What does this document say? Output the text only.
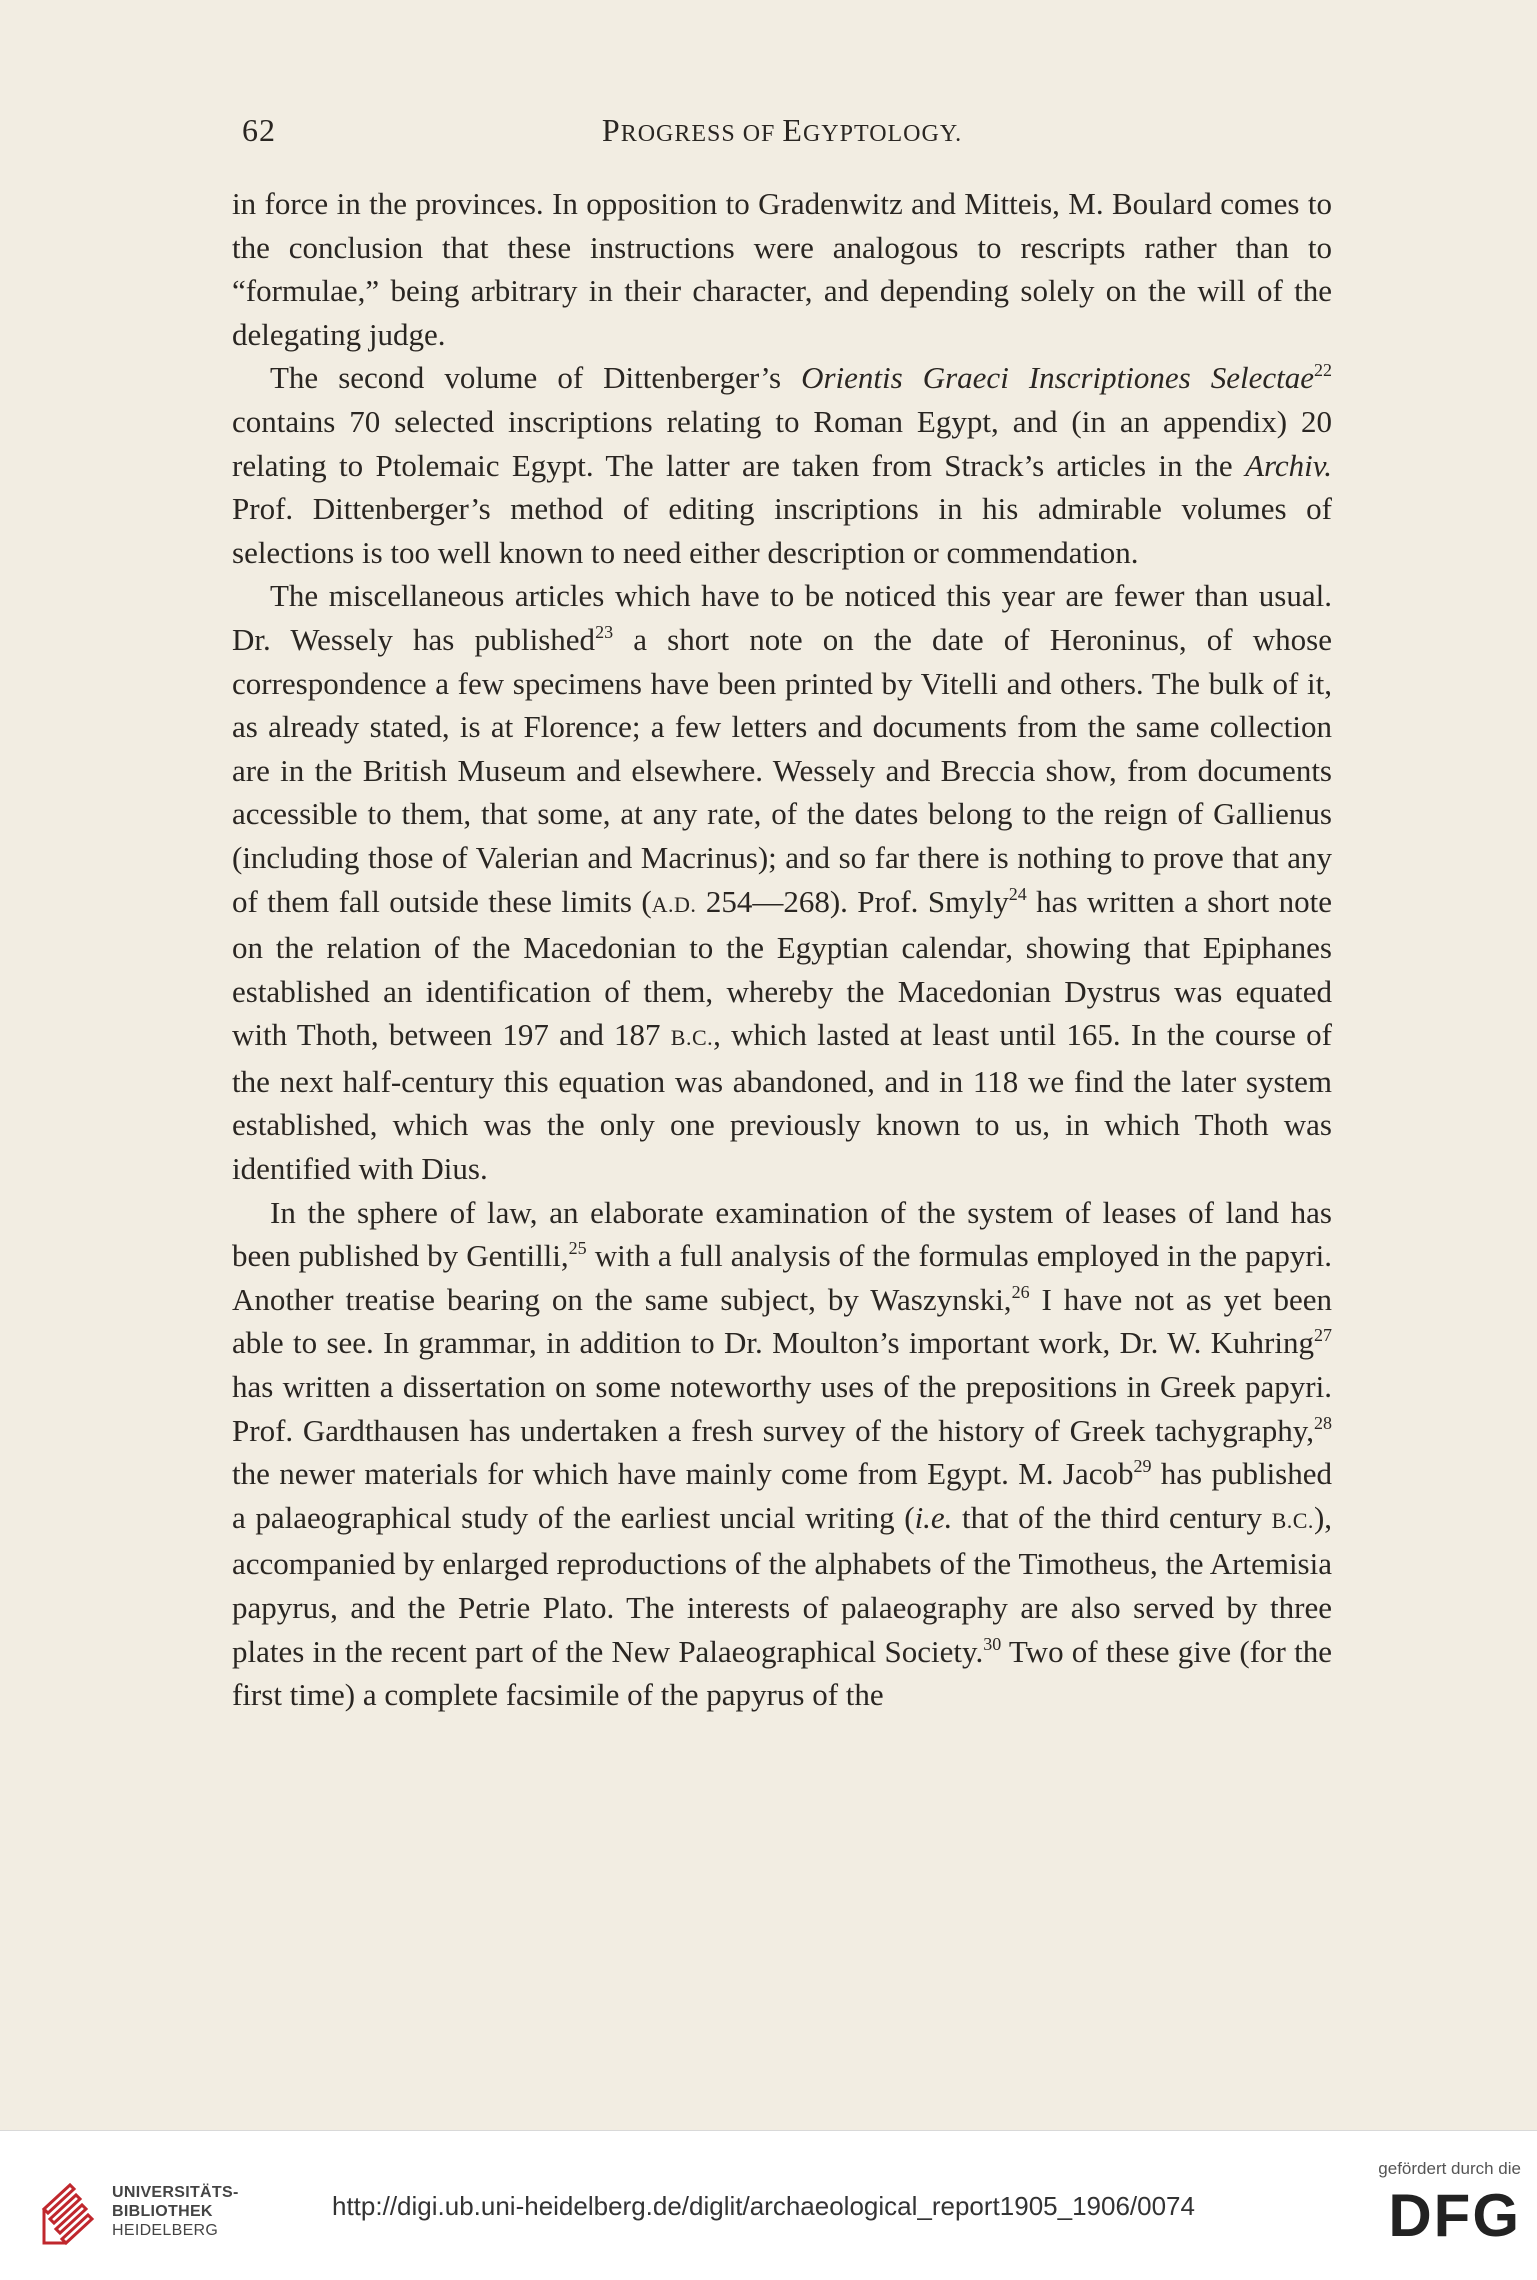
62	PROGRESS OF EGYPTOLOGY.

in force in the provinces. In opposition to Gradenwitz and Mitteis, M. Boulard comes to the conclusion that these instructions were analogous to rescripts rather than to “formulae,” being arbitrary in their character, and depending solely on the will of the delegating judge.

The second volume of Dittenberger’s Orientis Graeci Inscriptiones Selectae$^{22}$ contains 70 selected inscriptions relating to Roman Egypt, and (in an appendix) 20 relating to Ptolemaic Egypt. The latter are taken from Strack’s articles in the Archiv. Prof. Dittenberger’s method of editing inscriptions in his admirable volumes of selections is too well known to need either description or commendation.

The miscellaneous articles which have to be noticed this year are fewer than usual. Dr. Wessely has published$^{23}$ a short note on the date of Heroninus, of whose correspondence a few specimens have been printed by Vitelli and others. The bulk of it, as already stated, is at Florence; a few letters and documents from the same collection are in the British Museum and elsewhere. Wessely and Breccia show, from documents accessible to them, that some, at any rate, of the dates belong to the reign of Gallienus (including those of Valerian and Macrinus); and so far there is nothing to prove that any of them fall outside these limits (A.D. 254—268). Prof. Smyly$^{24}$ has written a short note on the relation of the Macedonian to the Egyptian calendar, showing that Epiphanes established an identification of them, whereby the Macedonian Dystrus was equated with Thoth, between 197 and 187 B.C., which lasted at least until 165. In the course of the next half-century this equation was abandoned, and in 118 we find the later system established, which was the only one previously known to us, in which Thoth was identified with Dius.

In the sphere of law, an elaborate examination of the system of leases of land has been published by Gentilli,$^{25}$ with a full analysis of the formulas employed in the papyri. Another treatise bearing on the same subject, by Waszynski,$^{26}$ I have not as yet been able to see. In grammar, in addition to Dr. Moulton’s important work, Dr. W. Kuhring$^{27}$ has written a dissertation on some noteworthy uses of the prepositions in Greek papyri. Prof. Gardthausen has undertaken a fresh survey of the history of Greek tachygraphy,$^{28}$ the newer materials for which have mainly come from Egypt. M. Jacob$^{29}$ has published a palaeographical study of the earliest uncial writing (i.e. that of the third century B.C.), accompanied by enlarged reproductions of the alphabets of the Timotheus, the Artemisia papyrus, and the Petrie Plato. The interests of palaeography are also served by three plates in the recent part of the New Palaeographical Society.$^{30}$ Two of these give (for the first time) a complete facsimile of the papyrus of the

UNIVERSITÄTS-
BIBLIOTHEK
HEIDELBERG
http://digi.ub.uni-heidelberg.de/diglit/archaeological_report1905_1906/0074
gefördert durch die
DFG
